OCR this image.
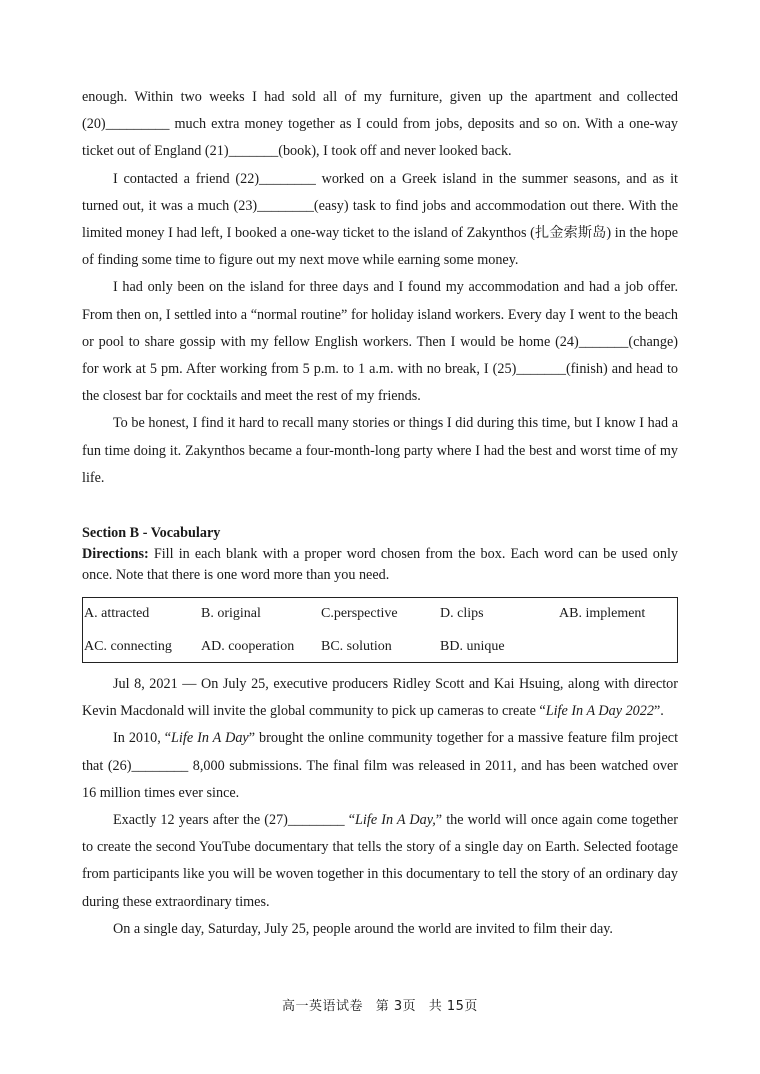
enough. Within two weeks I had sold all of my furniture, given up the apartment and collected (20)_________ much extra money together as I could from jobs, deposits and so on. With a one-way ticket out of England (21)_______(book), I took off and never looked back.

I contacted a friend (22)________ worked on a Greek island in the summer seasons, and as it turned out, it was a much (23)________(easy) task to find jobs and accommodation out there. With the limited money I had left, I booked a one-way ticket to the island of Zakynthos (扎金索斯岛) in the hope of finding some time to figure out my next move while earning some money.

I had only been on the island for three days and I found my accommodation and had a job offer. From then on, I settled into a “normal routine” for holiday island workers. Every day I went to the beach or pool to share gossip with my fellow English workers. Then I would be home (24)_______(change) for work at 5 pm. After working from 5 p.m. to 1 a.m. with no break, I (25)_______(finish) and head to the closest bar for cocktails and meet the rest of my friends.

To be honest, I find it hard to recall many stories or things I did during this time, but I know I had a fun time doing it. Zakynthos became a four-month-long party where I had the best and worst time of my life.

Section B - Vocabulary
Directions: Fill in each blank with a proper word chosen from the box. Each word can be used only once. Note that there is one word more than you need.
A. attracted	B. original	C.perspective	D. clips	AB. implement
AC. connecting AD. cooperation BC. solution	BD. unique

Jul 8, 2021 — On July 25, executive producers Ridley Scott and Kai Hsuing, along with director Kevin Macdonald will invite the global community to pick up cameras to create “Life In A Day 2022”.

In 2010, “Life In A Day” brought the online community together for a massive feature film project that (26)________ 8,000 submissions. The final film was released in 2011, and has been watched over 16 million times ever since.

Exactly 12 years after the (27)________ “Life In A Day,” the world will once again come together to create the second YouTube documentary that tells the story of a single day on Earth. Selected footage from participants like you will be woven together in this documentary to tell the story of an ordinary day during these extraordinary times.

On a single day, Saturday, July 25, people around the world are invited to film their day.

高一英语试卷 第 3页 共 15页
